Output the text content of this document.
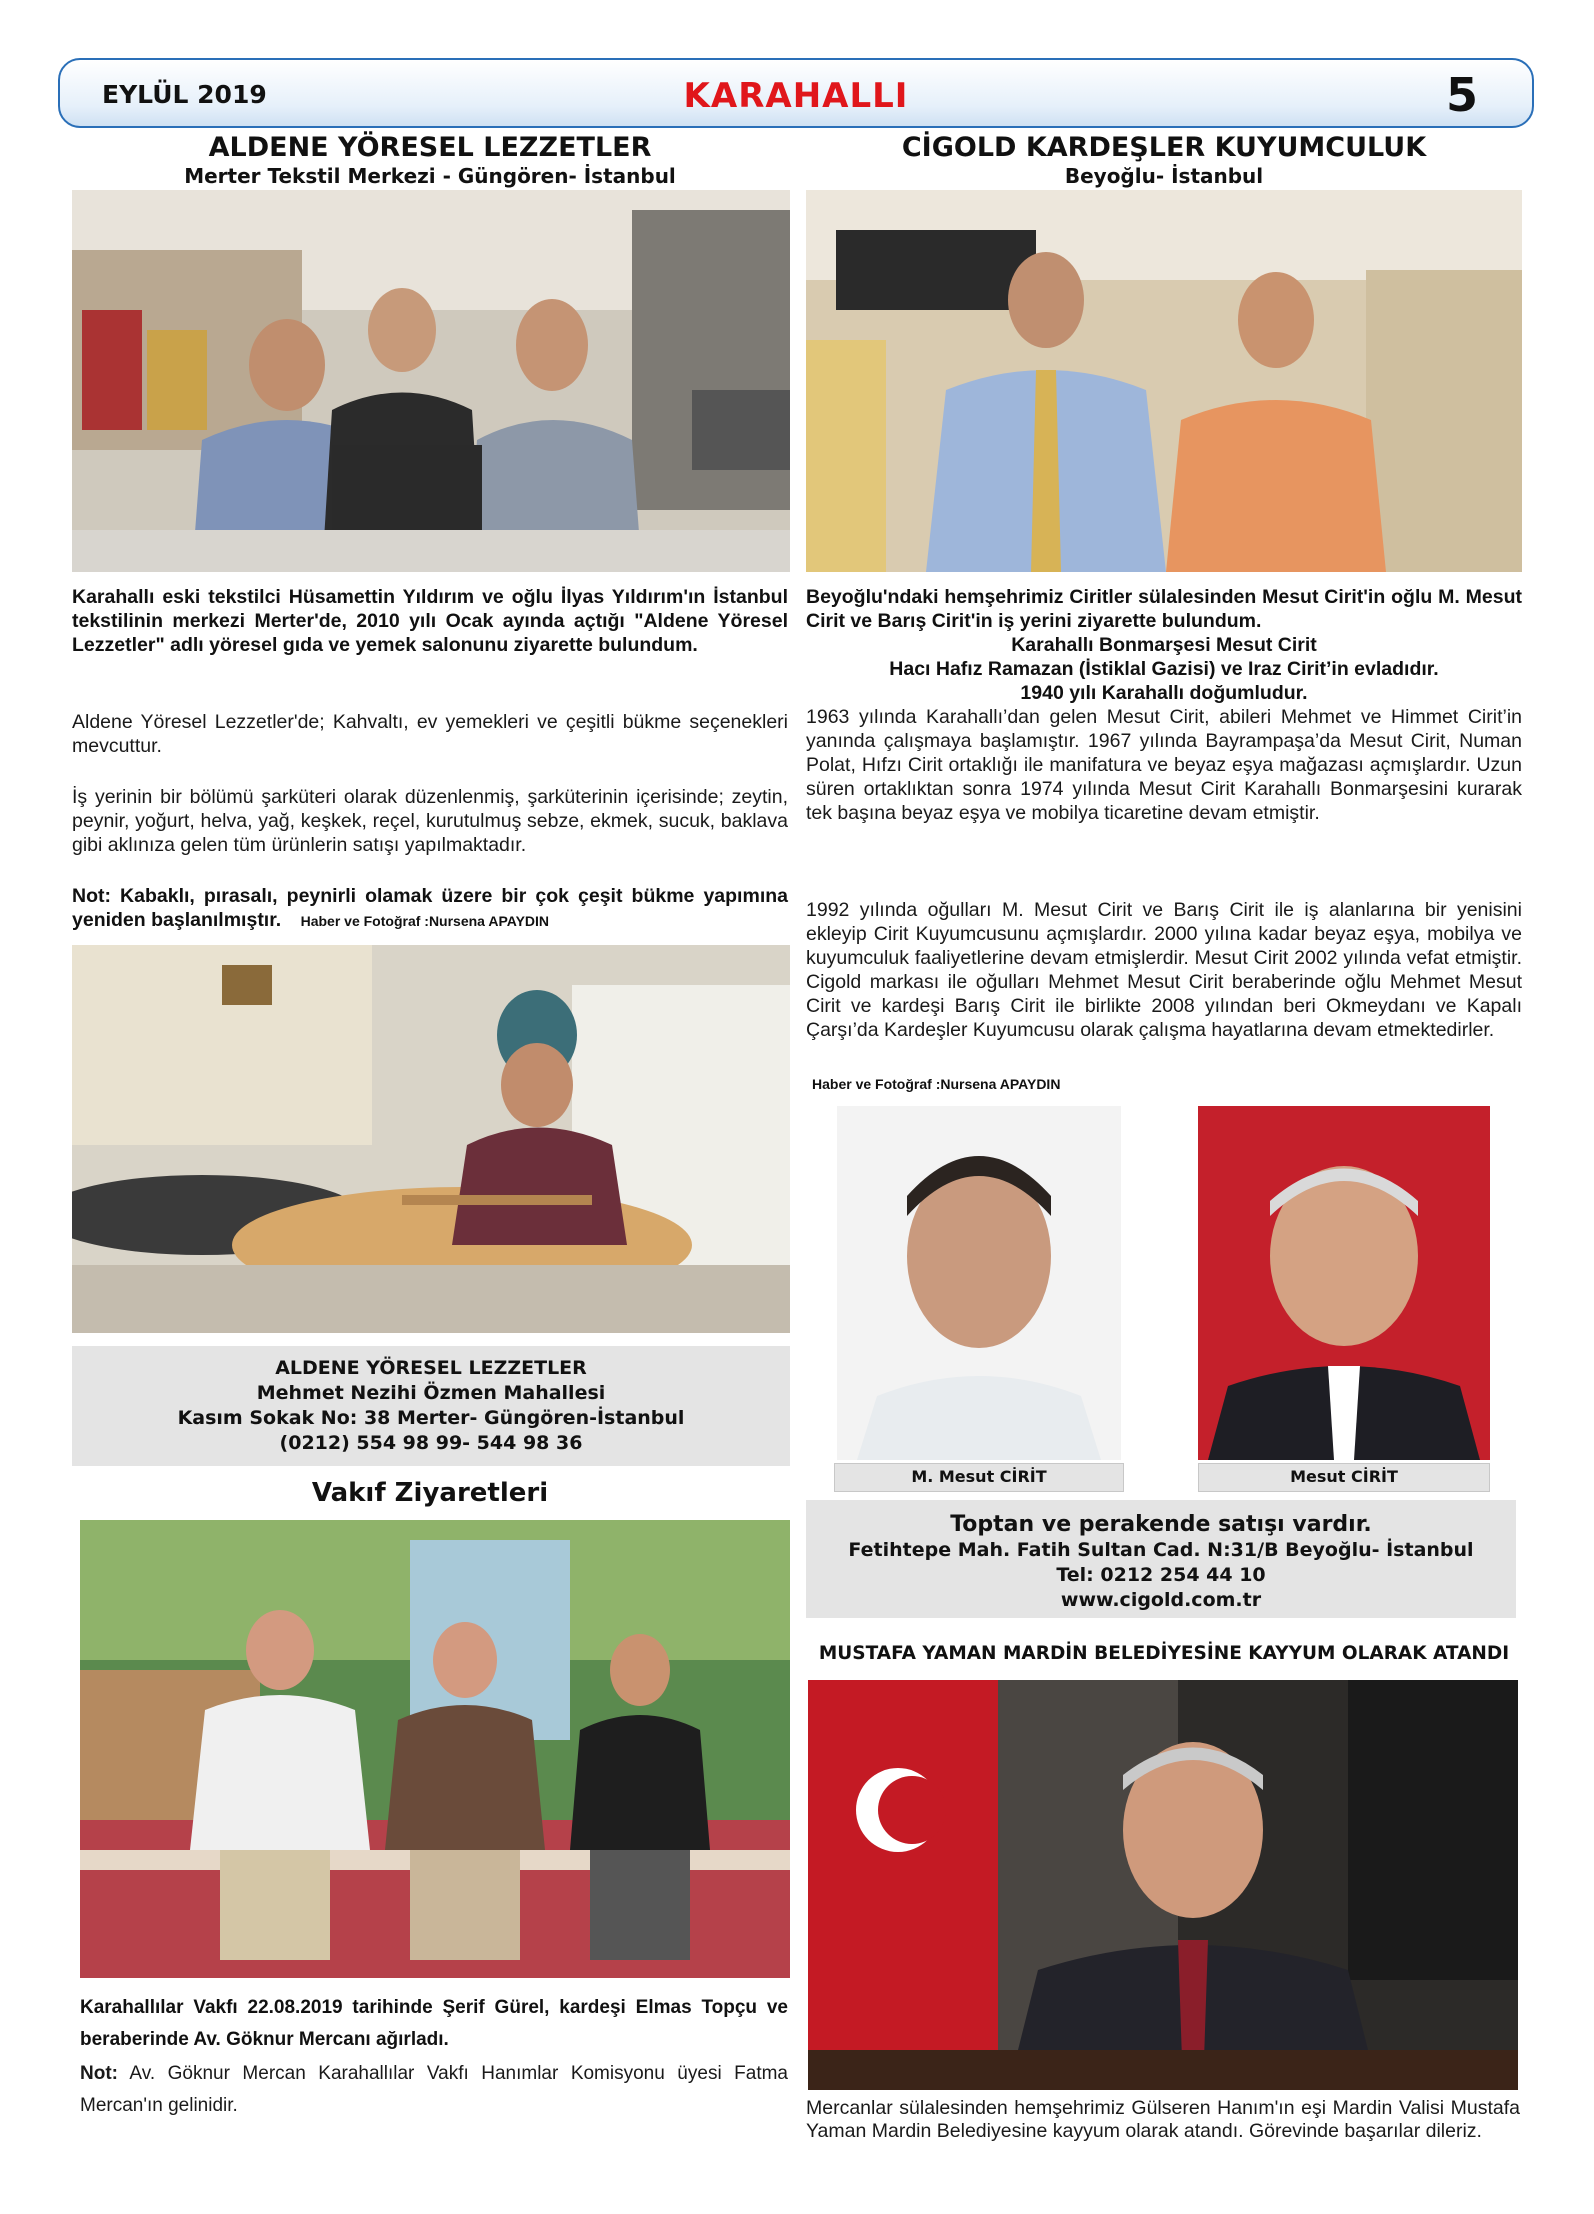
EYLÜL 2019	KARAHALLI	5
ALDENE YÖRESEL LEZZETLER
Merter Tekstil Merkezi - Güngören- İstanbul
Karahallı eski tekstilci Hüsamettin Yıldırım ve oğlu İlyas Yıldırım'ın İstanbul tekstilinin merkezi Merter'de, 2010 yılı Ocak ayında açtığı "Aldene Yöresel Lezzetler" adlı yöresel gıda ve yemek salonunu ziyarette bulundum.
Aldene Yöresel Lezzetler'de; Kahvaltı, ev yemekleri ve çeşitli bükme seçenekleri mevcuttur.
İş yerinin bir bölümü şarküteri olarak düzenlenmiş, şarküterinin içerisinde; zeytin, peynir, yoğurt, helva, yağ, keşkek, reçel, kurutulmuş sebze, ekmek, sucuk, baklava gibi aklınıza gelen tüm ürünlerin satışı yapılmaktadır.
Not: Kabaklı, pırasalı, peynirli olamak üzere bir çok çeşit bükme yapımına yeniden başlanılmıştır. Haber ve Fotoğraf :Nursena APAYDIN
ALDENE YÖRESEL LEZZETLER
Mehmet Nezihi Özmen Mahallesi
Kasım Sokak No: 38 Merter- Güngören-İstanbul
(0212) 554 98 99- 544 98 36
Vakıf Ziyaretleri
Karahallılar Vakfı 22.08.2019 tarihinde Şerif Gürel, kardeşi Elmas Topçu ve beraberinde Av. Göknur Mercanı ağırladı.
Not: Av. Göknur Mercan Karahallılar Vakfı Hanımlar Komisyonu üyesi Fatma Mercan'ın gelinidir.
CİGOLD KARDEŞLER KUYUMCULUK
Beyoğlu- İstanbul
Beyoğlu'ndaki hemşehrimiz Ciritler sülalesinden Mesut Cirit'in oğlu M. Mesut Cirit ve Barış Cirit'in iş yerini ziyarette bulundum.
Karahallı Bonmarşesi Mesut Cirit
Hacı Hafız Ramazan (İstiklal Gazisi) ve Iraz Cirit’in evladıdır.
1940 yılı Karahallı doğumludur.
1963 yılında Karahallı’dan gelen Mesut Cirit, abileri Mehmet ve Himmet Cirit’in yanında çalışmaya başlamıştır. 1967 yılında Bayrampaşa’da Mesut Cirit, Numan Polat, Hıfzı Cirit ortaklığı ile manifatura ve beyaz eşya mağazası açmışlardır. Uzun süren ortaklıktan sonra 1974 yılında Mesut Cirit Karahallı Bonmarşesini kurarak tek başına beyaz eşya ve mobilya ticaretine devam etmiştir.
1992 yılında oğulları M. Mesut Cirit ve Barış Cirit ile iş alanlarına bir yenisini ekleyip Cirit Kuyumcusunu açmışlardır. 2000 yılına kadar beyaz eşya, mobilya ve kuyumculuk faaliyetlerine devam etmişlerdir. Mesut Cirit 2002 yılında vefat etmiştir. Cigold markası ile oğulları Mehmet Mesut Cirit beraberinde oğlu Mehmet Mesut Cirit ve kardeşi Barış Cirit ile birlikte 2008 yılından beri Okmeydanı ve Kapalı Çarşı’da Kardeşler Kuyumcusu olarak çalışma hayatlarına devam etmektedirler.
Haber ve Fotoğraf :Nursena APAYDIN
M. Mesut CİRİT	Mesut CİRİT
Toptan ve perakende satışı vardır.
Fetihtepe Mah. Fatih Sultan Cad. N:31/B Beyoğlu- İstanbul
Tel: 0212 254 44 10
www.cigold.com.tr
MUSTAFA YAMAN MARDİN BELEDİYESİNE KAYYUM OLARAK ATANDI
Mercanlar sülalesinden hemşehrimiz Gülseren Hanım'ın eşi Mardin Valisi Mustafa Yaman Mardin Belediyesine kayyum olarak atandı. Görevinde başarılar dileriz.
